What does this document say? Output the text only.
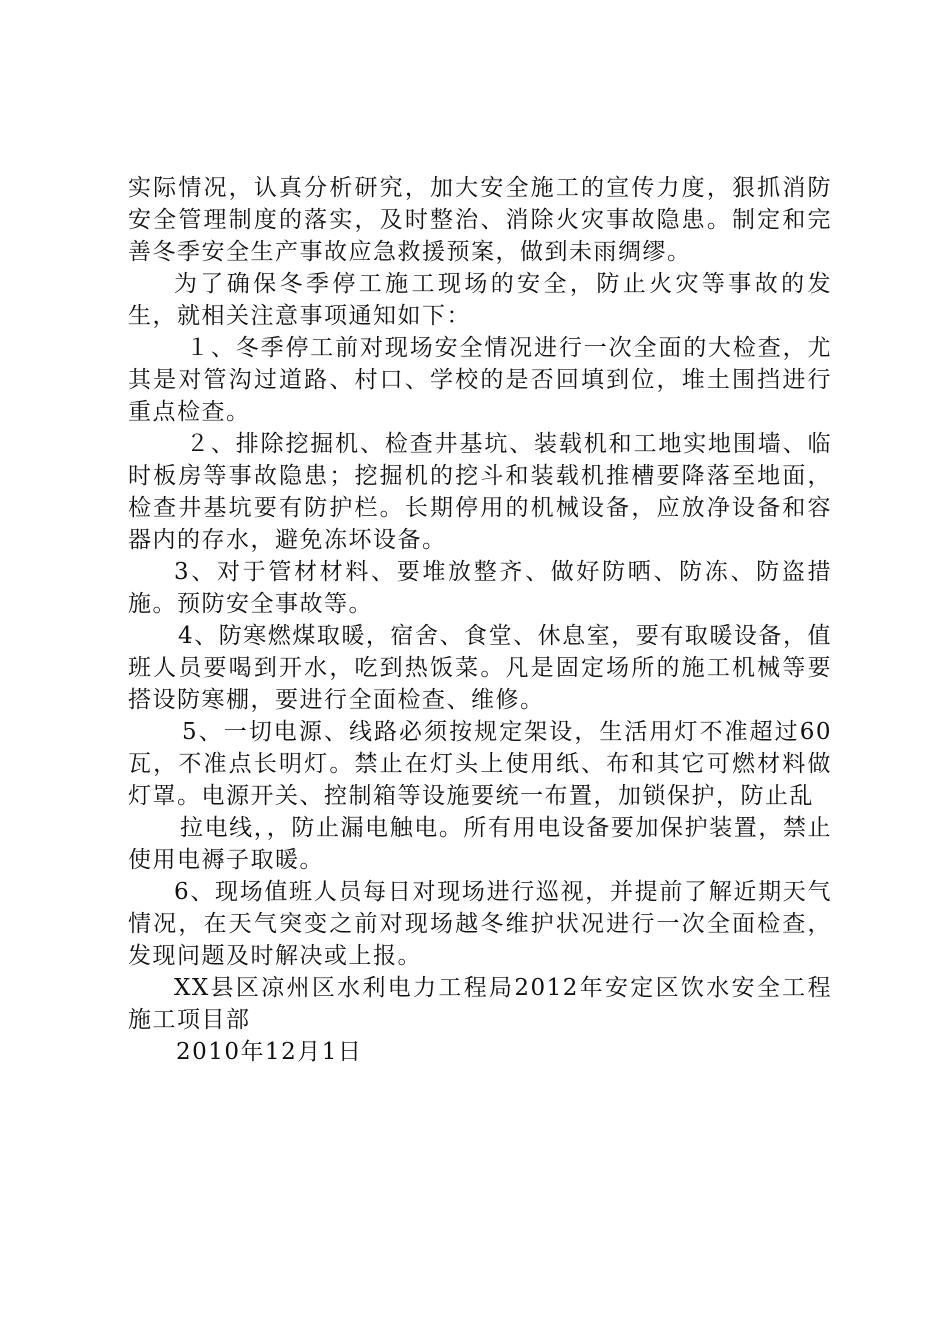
实际情况，认真分析研究，加大安全施工的宣传力度，狠抓消防安全管理制度的落实，及时整治、消除火灾事故隐患。制定和完善冬季安全生产事故应急救援预案，做到未雨绸缪。

为了确保冬季停工施工现场的安全，防止火灾等事故的发生，就相关注意事项通知如下：

１、冬季停工前对现场安全情况进行一次全面的大检查，尤其是对管沟过道路、村口、学校的是否回填到位，堆土围挡进行重点检查。

２、排除挖掘机、检查井基坑、装载机和工地实地围墙、临时板房等事故隐患；挖掘机的挖斗和装载机推槽要降落至地面，检查井基坑要有防护栏。长期停用的机械设备，应放净设备和容器内的存水，避免冻坏设备。

3、对于管材材料、要堆放整齐、做好防晒、防冻、防盗措施。预防安全事故等。

4、防寒燃煤取暖，宿舍、食堂、休息室，要有取暖设备，值班人员要喝到开水，吃到热饭菜。凡是固定场所的施工机械等要搭设防寒棚，要进行全面检查、维修。

5、一切电源、线路必须按规定架设，生活用灯不准超过60瓦，不准点长明灯。禁止在灯头上使用纸、布和其它可燃材料做灯罩。电源开关、控制箱等设施要统一布置，加锁保护，防止乱

拉电线，，防止漏电触电。所有用电设备要加保护装置，禁止使用电褥子取暖。

6、现场值班人员每日对现场进行巡视，并提前了解近期天气情况，在天气突变之前对现场越冬维护状况进行一次全面检查，发现问题及时解决或上报。

XX县区凉州区水利电力工程局2012年安定区饮水安全工程施工项目部

2010年12月1日
